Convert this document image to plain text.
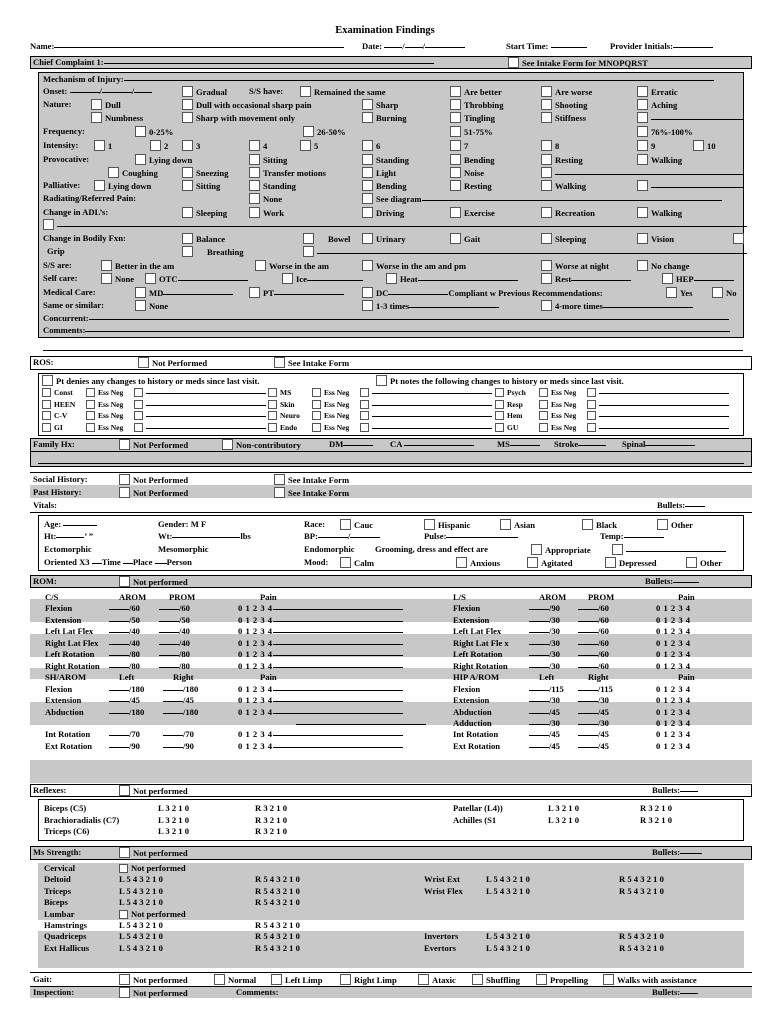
Examination Findings
Name:	Date: / /	Start Time:	Provider Initials:
Chief Complaint 1:	See Intake Form for MNOPQRST
Mechanism of Injury:
Onset:	/	/	Gradual	S/S have:	Remained the same	Are better	Are worse	Erratic
Nature:	Dull	Dull with occasional sharp pain	Sharp	Throbbing	Shooting	Aching
Numbness	Sharp with movement only	Burning	Tingling	Stiffness
Frequency:	0-25%	26-50%	51-75%	76%-100%
Intensity:	1	2	3	4	5	6	7	8	9	10
Provocative:	Lying down	Sitting	Standing	Bending	Resting	Walking
Coughing	Sneezing	Transfer motions	Light	Noise
Palliative:	Lying down	Sitting	Standing	Bending	Resting	Walking
Radiating/Referred Pain:	None	See diagram
Change in ADL’s:	Sleeping	Work	Driving	Exercise	Recreation	Walking
Change in Bodily Fxn:	Balance	Bowel	Urinary	Gait	Sleeping	Vision
Grip	Breathing
S/S are:	Better in the am	Worse in the am	Worse in the am and pm	Worse at night	No change
Self care:	None	OTC	Ice	Heat	Rest	HEP
Medical Care:	MD	PT	DC	Compliant w Previous Recommendations:	Yes	No
Same or similar:	None	1-3 times	4-more times
Concurrent:
Comments:
ROS:	Not Performed	See Intake Form
Pt denies any changes to history or meds since last visit.	Pt notes the following changes to history or meds since last visit.
Const	Ess Neg
HEEN	Ess Neg
C-V	Ess Neg
GI	Ess Neg
MS	Ess Neg
Skin	Ess Neg
Neuro	Ess Neg
Endo	Ess Neg
Psych	Ess Neg
Resp	Ess Neg
Hem	Ess Neg
GU	Ess Neg
Family Hx:	Not Performed	Non-contributory	DM	CA	MS	Stroke	Spinal
Social History:	Not Performed	See Intake Form
Past History:	Not Performed	See Intake Form
Vitals:	Bullets:
Age:	Gender: M F	Race:	Cauc	Hispanic	Asian	Black	Other
Ht:	’ ”	Wt:	lbs	BP:	/	Pulse:	Temp:
Ectomorphic	Mesomorphic	Endomorphic Grooming, dress and effect are	Appropriate
Oriented X3 Time Place Person	Mood:	Calm	Anxious	Agitated	Depressed	Other
ROM:	Not performed	Bullets:
C/S	AROM	PROM	Pain
Flexion	/60	/60	0 1 2 3 4
Extension	/50	/50	0 1 2 3 4
Left Lat Flex	/40	/40	0 1 2 3 4
Right Lat Flex	/40	/40	0 1 2 3 4
Left Rotation	/80	/80	0 1 2 3 4
Right Rotation	/80	/80	0 1 2 3 4
L/S	AROM	PROM	Pain
Flexion	/90	/60	0 1 2 3 4
Extension	/30	/60	0 1 2 3 4
Left Lat Flex	/30	/60	0 1 2 3 4
Right Lat Fle x	/30	/60	0 1 2 3 4
Left Rotation	/30	/60	0 1 2 3 4
Right Rotation	/30	/60	0 1 2 3 4
SH/AROM	Left	Right	Pain
Flexion	/180	/180	0 1 2 3 4
Extension	/45	/45	0 1 2 3 4
Abduction	/180	/180	0 1 2 3 4
Int Rotation	/70	/70	0 1 2 3 4
Ext Rotation	/90	/90	0 1 2 3 4
HIP A/ROM	Left	Right	Pain
Flexion	/115	/115	0 1 2 3 4
Extension	/30	/30	0 1 2 3 4
Abduction	/45	/45	0 1 2 3 4
Adduction	/30	/30	0 1 2 3 4
Int Rotation	/45	/45	0 1 2 3 4
Ext Rotation	/45	/45	0 1 2 3 4
Reflexes:	Not performed	Bullets:
Biceps (C5)	L 3 2 1 0	R 3 2 1 0
Brachioradialis (C7)	L 3 2 1 0	R 3 2 1 0
Triceps (C6)	L 3 2 1 0	R 3 2 1 0
Patellar (L4))	L 3 2 1 0	R 3 2 1 0
Achilles (S1	L 3 2 1 0	R 3 2 1 0
Ms Strength:	Not performed	Bullets:
Cervical	Not performed
Deltoid	L 5 4 3 2 1 0	R 5 4 3 2 1 0
Triceps	L 5 4 3 2 1 0	R 5 4 3 2 1 0
Biceps	L 5 4 3 2 1 0	R 5 4 3 2 1 0
Lumbar	Not performed
Hamstrings	L 5 4 3 2 1 0	R 5 4 3 2 1 0
Quadriceps	L 5 4 3 2 1 0	R 5 4 3 2 1 0
Ext Hallicus	L 5 4 3 2 1 0	R 5 4 3 2 1 0
Wrist Ext	L 5 4 3 2 1 0	R 5 4 3 2 1 0
Wrist Flex	L 5 4 3 2 1 0	R 5 4 3 2 1 0
Invertors	L 5 4 3 2 1 0	R 5 4 3 2 1 0
Evertors	L 5 4 3 2 1 0	R 5 4 3 2 1 0
Gait:	Not performed	Normal	Left Limp	Right Limp	Ataxic	Shuffling	Propelling	Walks with assistance
Inspection:	Not performed	Comments:	Bullets:
